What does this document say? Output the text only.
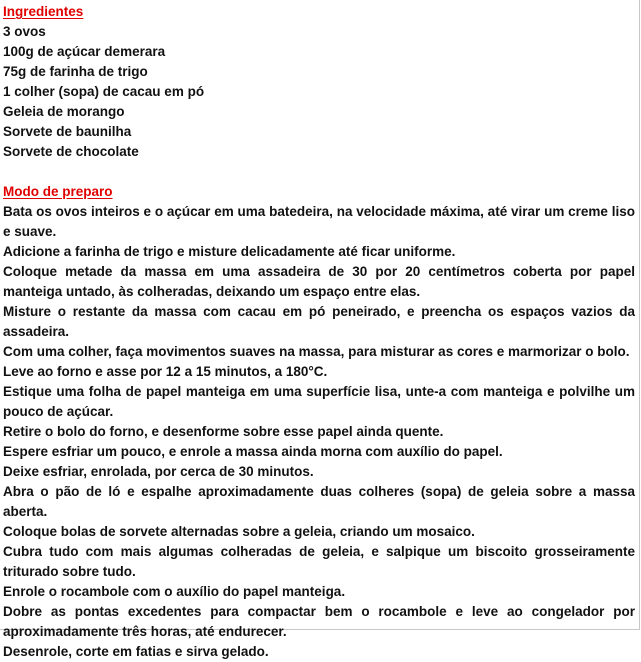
Ingredientes
3 ovos
100g de açúcar demerara
75g de farinha de trigo
1 colher (sopa) de cacau em pó
Geleia de morango
Sorvete de baunilha
Sorvete de chocolate
Modo de preparo
Bata os ovos inteiros e o açúcar em uma batedeira, na velocidade máxima, até virar um creme liso e suave.
Adicione a farinha de trigo e misture delicadamente até ficar uniforme.
Coloque metade da massa em uma assadeira de 30 por 20 centímetros coberta por papel manteiga untado, às colheradas, deixando um espaço entre elas.
Misture o restante da massa com cacau em pó peneirado, e preencha os espaços vazios da assadeira.
Com uma colher, faça movimentos suaves na massa, para misturar as cores e marmorizar o bolo.
Leve ao forno e asse por 12 a 15 minutos, a 180°C.
Estique uma folha de papel manteiga em uma superfície lisa, unte-a com manteiga e polvilhe um pouco de açúcar.
Retire o bolo do forno, e desenforme sobre esse papel ainda quente.
Espere esfriar um pouco, e enrole a massa ainda morna com auxílio do papel.
Deixe esfriar, enrolada, por cerca de 30 minutos.
Abra o pão de ló e espalhe aproximadamente duas colheres (sopa) de geleia sobre a massa aberta.
Coloque bolas de sorvete alternadas sobre a geleia, criando um mosaico.
Cubra tudo com mais algumas colheradas de geleia, e salpique um biscoito grosseiramente triturado sobre tudo.
Enrole o rocambole com o auxílio do papel manteiga.
Dobre as pontas excedentes para compactar bem o rocambole e leve ao congelador por aproximadamente três horas, até endurecer.
Desenrole, corte em fatias e sirva gelado.
